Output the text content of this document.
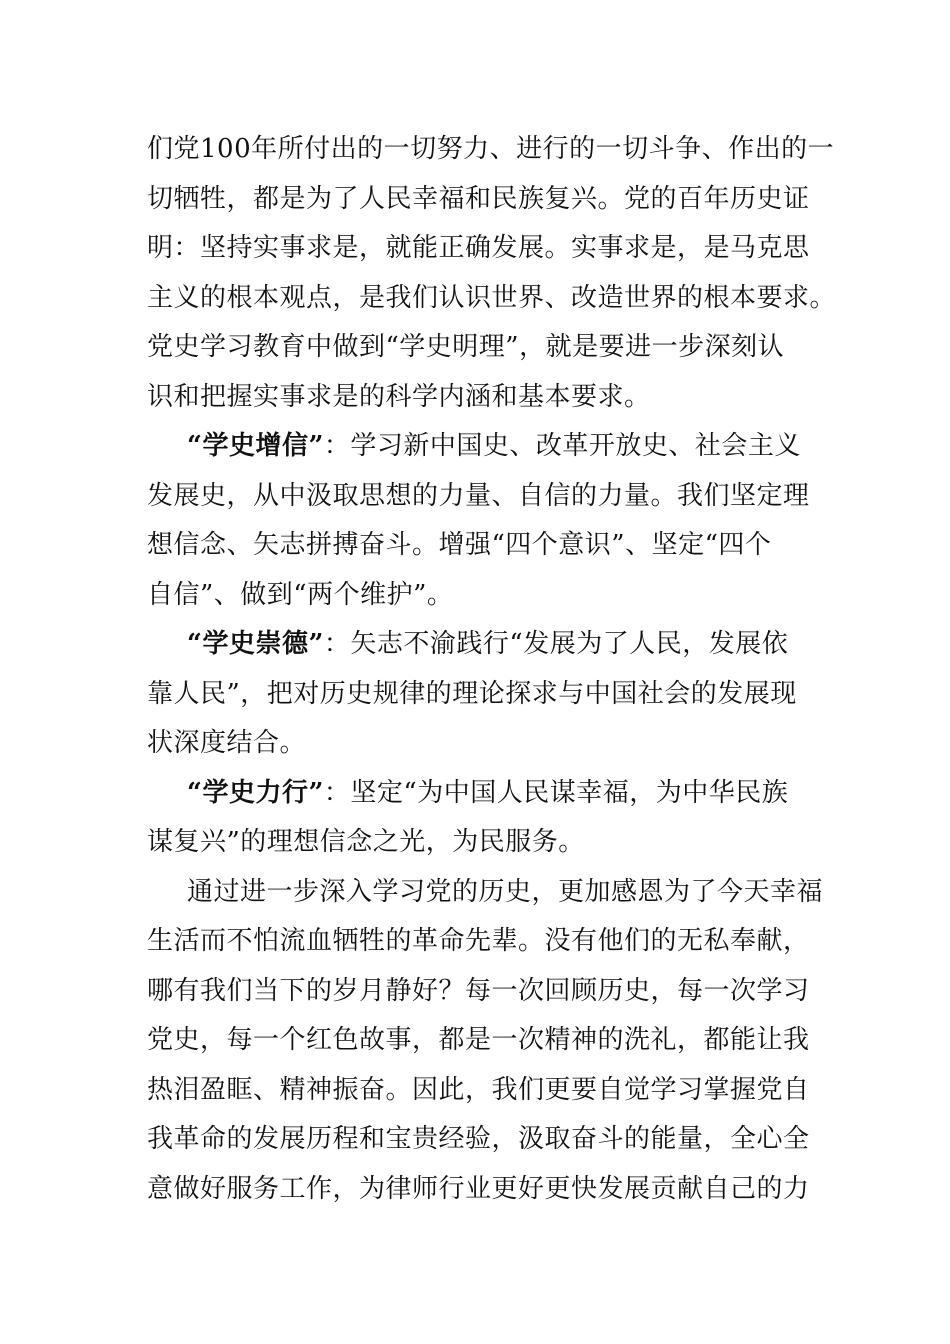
们党100年所付出的一切努力、进行的一切斗争、作出的一
切牺牲，都是为了人民幸福和民族复兴。党的百年历史证
明：坚持实事求是，就能正确发展。实事求是，是马克思
主义的根本观点，是我们认识世界、改造世界的根本要求。
党史学习教育中做到“学史明理”，就是要进一步深刻认
识和把握实事求是的科学内涵和基本要求。
“学史增信”：学习新中国史、改革开放史、社会主义
发展史，从中汲取思想的力量、自信的力量。我们坚定理
想信念、矢志拼搏奋斗。增强“四个意识”、坚定“四个
自信”、做到“两个维护”。
“学史崇德”：矢志不渝践行“发展为了人民，发展依
靠人民”，把对历史规律的理论探求与中国社会的发展现
状深度结合。
“学史力行”：坚定“为中国人民谋幸福，为中华民族
谋复兴”的理想信念之光，为民服务。
通过进一步深入学习党的历史，更加感恩为了今天幸福
生活而不怕流血牺牲的革命先辈。没有他们的无私奉献，
哪有我们当下的岁月静好？每一次回顾历史，每一次学习
党史，每一个红色故事，都是一次精神的洗礼，都能让我
热泪盈眶、精神振奋。因此，我们更要自觉学习掌握党自
我革命的发展历程和宝贵经验，汲取奋斗的能量，全心全
意做好服务工作，为律师行业更好更快发展贡献自己的力
